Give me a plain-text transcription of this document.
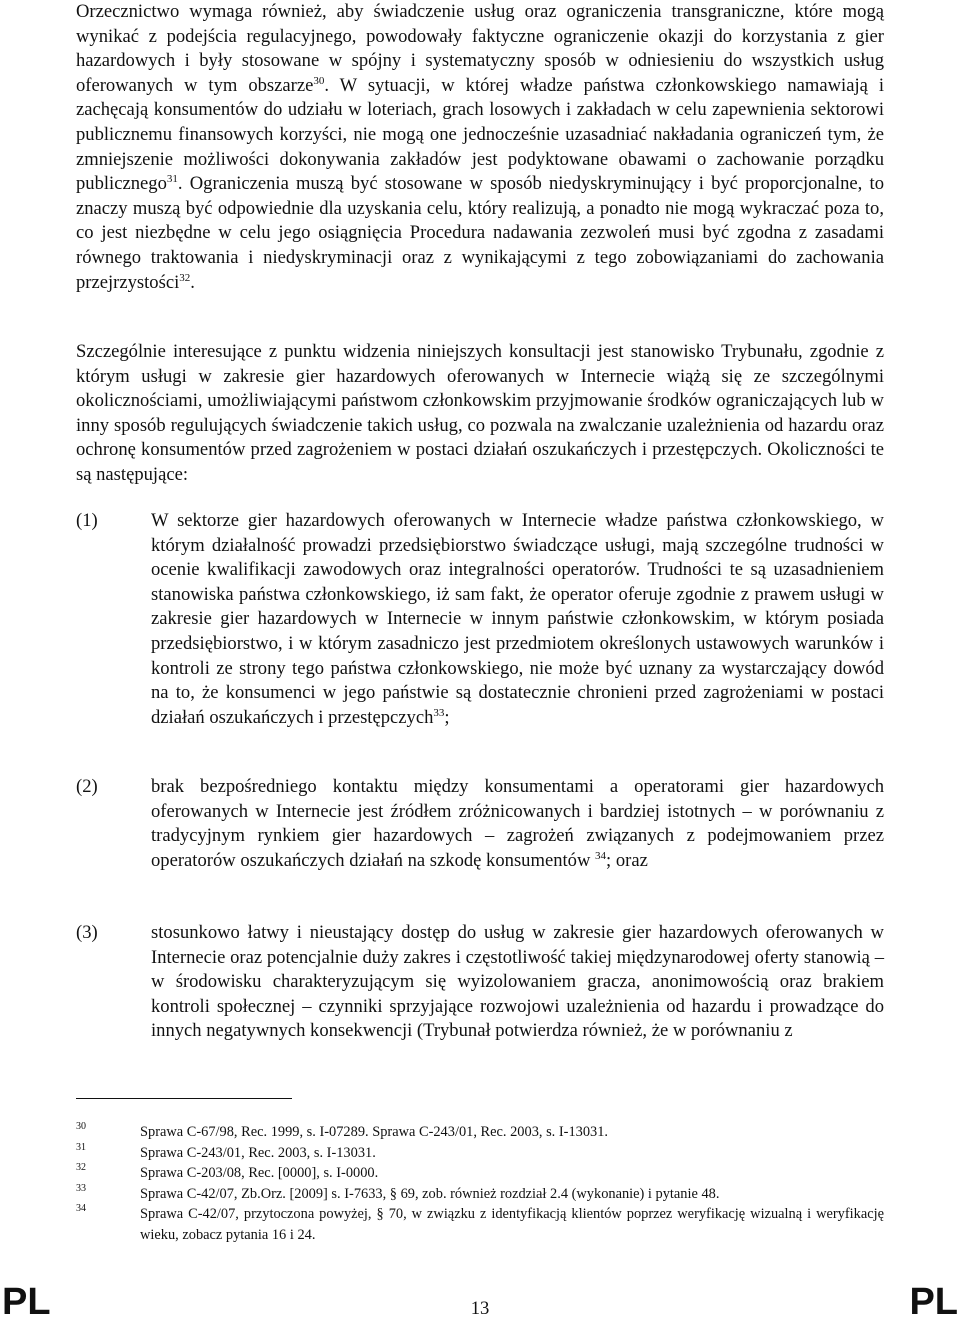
Orzecznictwo wymaga również, aby świadczenie usług oraz ograniczenia transgraniczne, które mogą wynikać z podejścia regulacyjnego, powodowały faktyczne ograniczenie okazji do korzystania z gier hazardowych i były stosowane w spójny i systematyczny sposób w odniesieniu do wszystkich usług oferowanych w tym obszarze$^{30}$. W sytuacji, w której władze państwa członkowskiego namawiają i zachęcają konsumentów do udziału w loteriach, grach losowych i zakładach w celu zapewnienia sektorowi publicznemu finansowych korzyści, nie mogą one jednocześnie uzasadniać nakładania ograniczeń tym, że zmniejszenie możliwości dokonywania zakładów jest podyktowane obawami o zachowanie porządku publicznego$^{31}$. Ograniczenia muszą być stosowane w sposób niedyskryminujący i być proporcjonalne, to znaczy muszą być odpowiednie dla uzyskania celu, który realizują, a ponadto nie mogą wykraczać poza to, co jest niezbędne w celu jego osiągnięcia Procedura nadawania zezwoleń musi być zgodna z zasadami równego traktowania i niedyskryminacji oraz z wynikającymi z tego zobowiązaniami do zachowania przejrzystości$^{32}$.

Szczególnie interesujące z punktu widzenia niniejszych konsultacji jest stanowisko Trybunału, zgodnie z którym usługi w zakresie gier hazardowych oferowanych w Internecie wiążą się ze szczególnymi okolicznościami, umożliwiającymi państwom członkowskim przyjmowanie środków ograniczających lub w inny sposób regulujących świadczenie takich usług, co pozwala na zwalczanie uzależnienia od hazardu oraz ochronę konsumentów przed zagrożeniem w postaci działań oszukańczych i przestępczych. Okoliczności te są następujące:

(1)	W sektorze gier hazardowych oferowanych w Internecie władze państwa członkowskiego, w którym działalność prowadzi przedsiębiorstwo świadczące usługi, mają szczególne trudności w ocenie kwalifikacji zawodowych oraz integralności operatorów. Trudności te są uzasadnieniem stanowiska państwa członkowskiego, iż sam fakt, że operator oferuje zgodnie z prawem usługi w zakresie gier hazardowych w Internecie w innym państwie członkowskim, w którym posiada przedsiębiorstwo, i w którym zasadniczo jest przedmiotem określonych ustawowych warunków i kontroli ze strony tego państwa członkowskiego, nie może być uznany za wystarczający dowód na to, że konsumenci w jego państwie są dostatecznie chronieni przed zagrożeniami w postaci działań oszukańczych i przestępczych$^{33}$;

(2)	brak bezpośredniego kontaktu między konsumentami a operatorami gier hazardowych oferowanych w Internecie jest źródłem zróżnicowanych i bardziej istotnych – w porównaniu z tradycyjnym rynkiem gier hazardowych – zagrożeń związanych z podejmowaniem przez operatorów oszukańczych działań na szkodę konsumentów $^{34}$; oraz

(3)	stosunkowo łatwy i nieustający dostęp do usług w zakresie gier hazardowych oferowanych w Internecie oraz potencjalnie duży zakres i częstotliwość takiej międzynarodowej oferty stanowią – w środowisku charakteryzującym się wyizolowaniem gracza, anonimowością oraz brakiem kontroli społecznej – czynniki sprzyjające rozwojowi uzależnienia od hazardu i prowadzące do innych negatywnych konsekwencji (Trybunał potwierdza również, że w porównaniu z

30	Sprawa C-67/98, Rec. 1999, s. I-07289. Sprawa C-243/01, Rec. 2003, s. I-13031.
31	Sprawa C-243/01, Rec. 2003, s. I-13031.
32	Sprawa C-203/08, Rec. [0000], s. I-0000.
33	Sprawa C-42/07, Zb.Orz. [2009] s. I-7633, § 69, zob. również rozdział 2.4 (wykonanie) i pytanie 48.
34	Sprawa C-42/07, przytoczona powyżej, § 70, w związku z identyfikacją klientów poprzez weryfikację wizualną i weryfikację wieku, zobacz pytania 16 i 24.
PL	13	PL
